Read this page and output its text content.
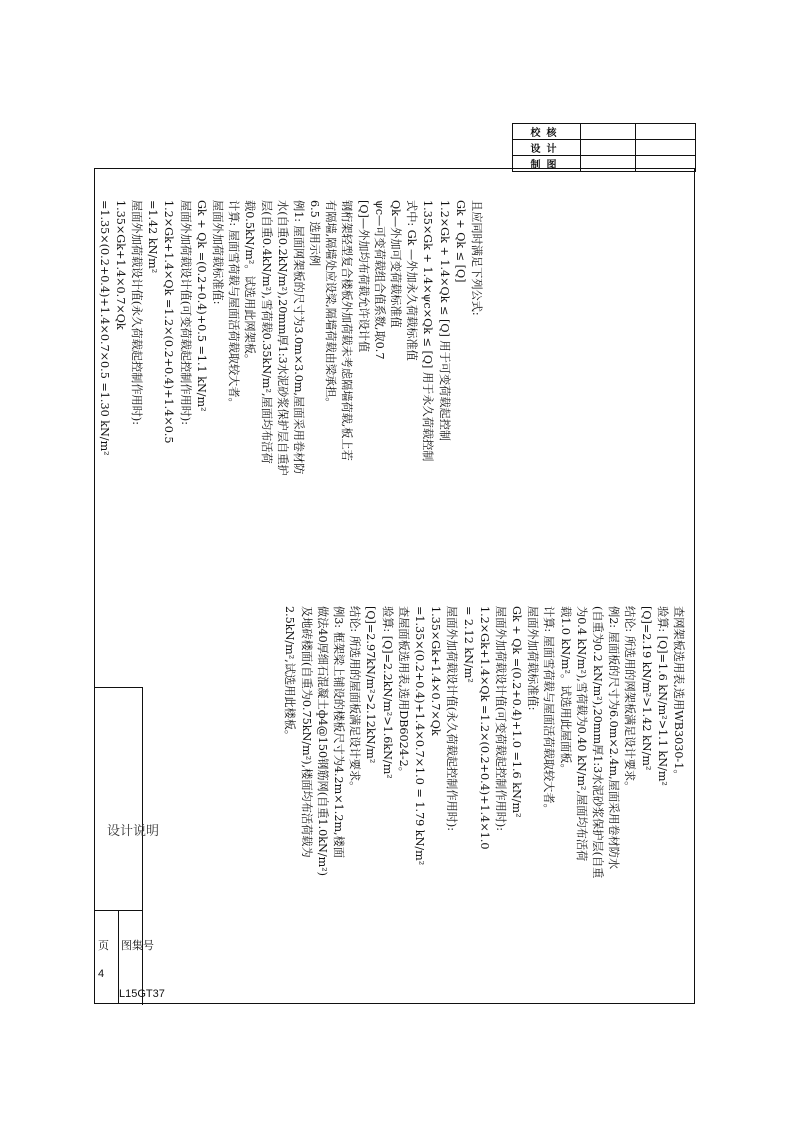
校核		
设计		
制图		
设计说明
页 图集号
4
L15GT37
且应同时满足下列公式:
Gk + Qk ≤ [Q]
1.2×Gk + 1.4×Qk ≤ [Q] 用于可变荷载起控制
1.35×Gk + 1.4×ψc×Qk ≤ [Q] 用于永久荷载控制
式中: Gk —外加永久荷载标准值
Qk—外加可变荷载标准值
ψc—可变荷载组合值系数,取0.7
[Q]—外加均布荷载允许设计值
钢桁架轻型复合楼板外加荷载未考虑隔墙荷载,板上若
有隔墙,隔墙处应设梁,隔墙荷载由梁承担。
6.5 选用示例
例1: 屋面网架板的尺寸为3.0m×3.0m,屋面采用卷材防
水(自重0.2kN/m²),20mm厚1:3水泥砂浆保护层自重护
层(自重0.4kN/m²),雪荷载0.35kN/m²,屋面均布活荷
载0.5kN/m²。试选用此网架板。
计算: 屋面雪荷载与屋面活荷载取较大者。
屋面外加荷载标准值:
Gk + Qk =(0.2+0.4)+0.5 =1.1 kN/m²
屋面外加荷载设计值(可变荷载起控制作用时):
1.2×Gk+1.4×Qk =1.2×(0.2+0.4)+1.4×0.5
=1.42 kN/m²
屋面外加荷载设计值(永久荷载起控制作用时):
1.35×Gk+1.4×0.7×Qk
=1.35×(0.2+0.4)+1.4×0.7×0.5 =1.30 kN/m²
查网架板选用表,选用WB3030-1。
验算: [Q]=1.6 kN/m²>1.1 kN/m²
[Q]=2.19 kN/m²>1.42 kN/m²
结论: 所选用的网架板满足设计要求。
例2: 屋面板的尺寸为6.0m×2.4m,屋面采用卷材防水
(自重为0.2 kN/m²),20mm厚1:3水泥砂浆保护层(自重
为0.4 kN/m²),雪荷载为0.40 kN/m²,屋面均布活荷
载1.0 kN/m²。试选用此屋面板。
计算: 屋面雪荷载与屋面活荷载取较大者。
屋面外加荷载标准值:
Gk + Qk =(0.2+0.4)+1.0 =1.6 kN/m²
屋面外加荷载设计值(可变荷载起控制作用时):
1.2×Gk+1.4×Qk =1.2×(0.2+0.4)+1.4×1.0
= 2.12 kN/m²
屋面外加荷载设计值(永久荷载起控制作用时):
1.35×Gk+1.4×0.7×Qk
=1.35×(0.2+0.4)+1.4×0.7×1.0 = 1.79 kN/m²
查屋面板选用表,选用DB6024-2。
验算: [Q]=2.2kN/m²>1.6kN/m²
[Q]=2.97kN/m²>2.12kN/m²
结论: 所选用的屋面板满足设计要求。
例3: 框架梁上铺设的楼板尺寸为4.2m×1.2m,楼面
做法40厚细石混凝土ф4@150钢筋网(自重1.0kN/m²)
及地砖楼面(自重为0.75kN/m²),楼面均布活荷载为
2.5kN/m²,试选用此楼板。
